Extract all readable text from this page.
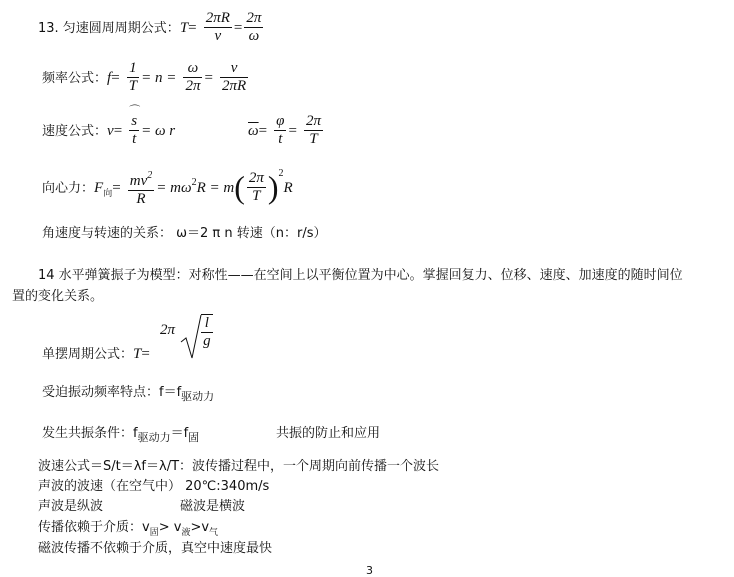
13. 匀速圆周周期公式：$T= \frac{2\pi R}{v} = \frac{2\pi}{\omega}$
频率公式：$f= \frac{1}{T} = n = \frac{\omega}{2\pi} = \frac{v}{2\pi R}$
速度公式：v= ⌒
s
t = ω r	$\overline{\omega}= \frac{\varphi}{t} = \frac{2\pi}{T}$
向心力：$F_向= \frac{mv^2}{R} = m\omega^2R = m( \frac{2\pi}{T} )^2R$
角速度与转速的关系： ω＝2 π n 转速（n：r/s）
14 水平弹簧振子为模型：对称性——在空间上以平衡位置为中心。掌握回复力、位移、速度、加速度的随时间位
置的变化关系。
单摆周期公式：T=
$2\pi \frac{l}{g}$
受迫振动频率特点：$f=f_{驱动力}$
发生共振条件：$f_{驱动力}=f_固$	共振的防止和应用
波速公式＝S/t＝λf＝λ/T：波传播过程中，一个周期向前传播一个波长
声波的波速（在空气中） 20℃:340m/s
声波是纵波	磁波是横波
传播依赖于介质：$v_固> v_液>v_气$
磁波传播不依赖于介质，真空中速度最快
3
